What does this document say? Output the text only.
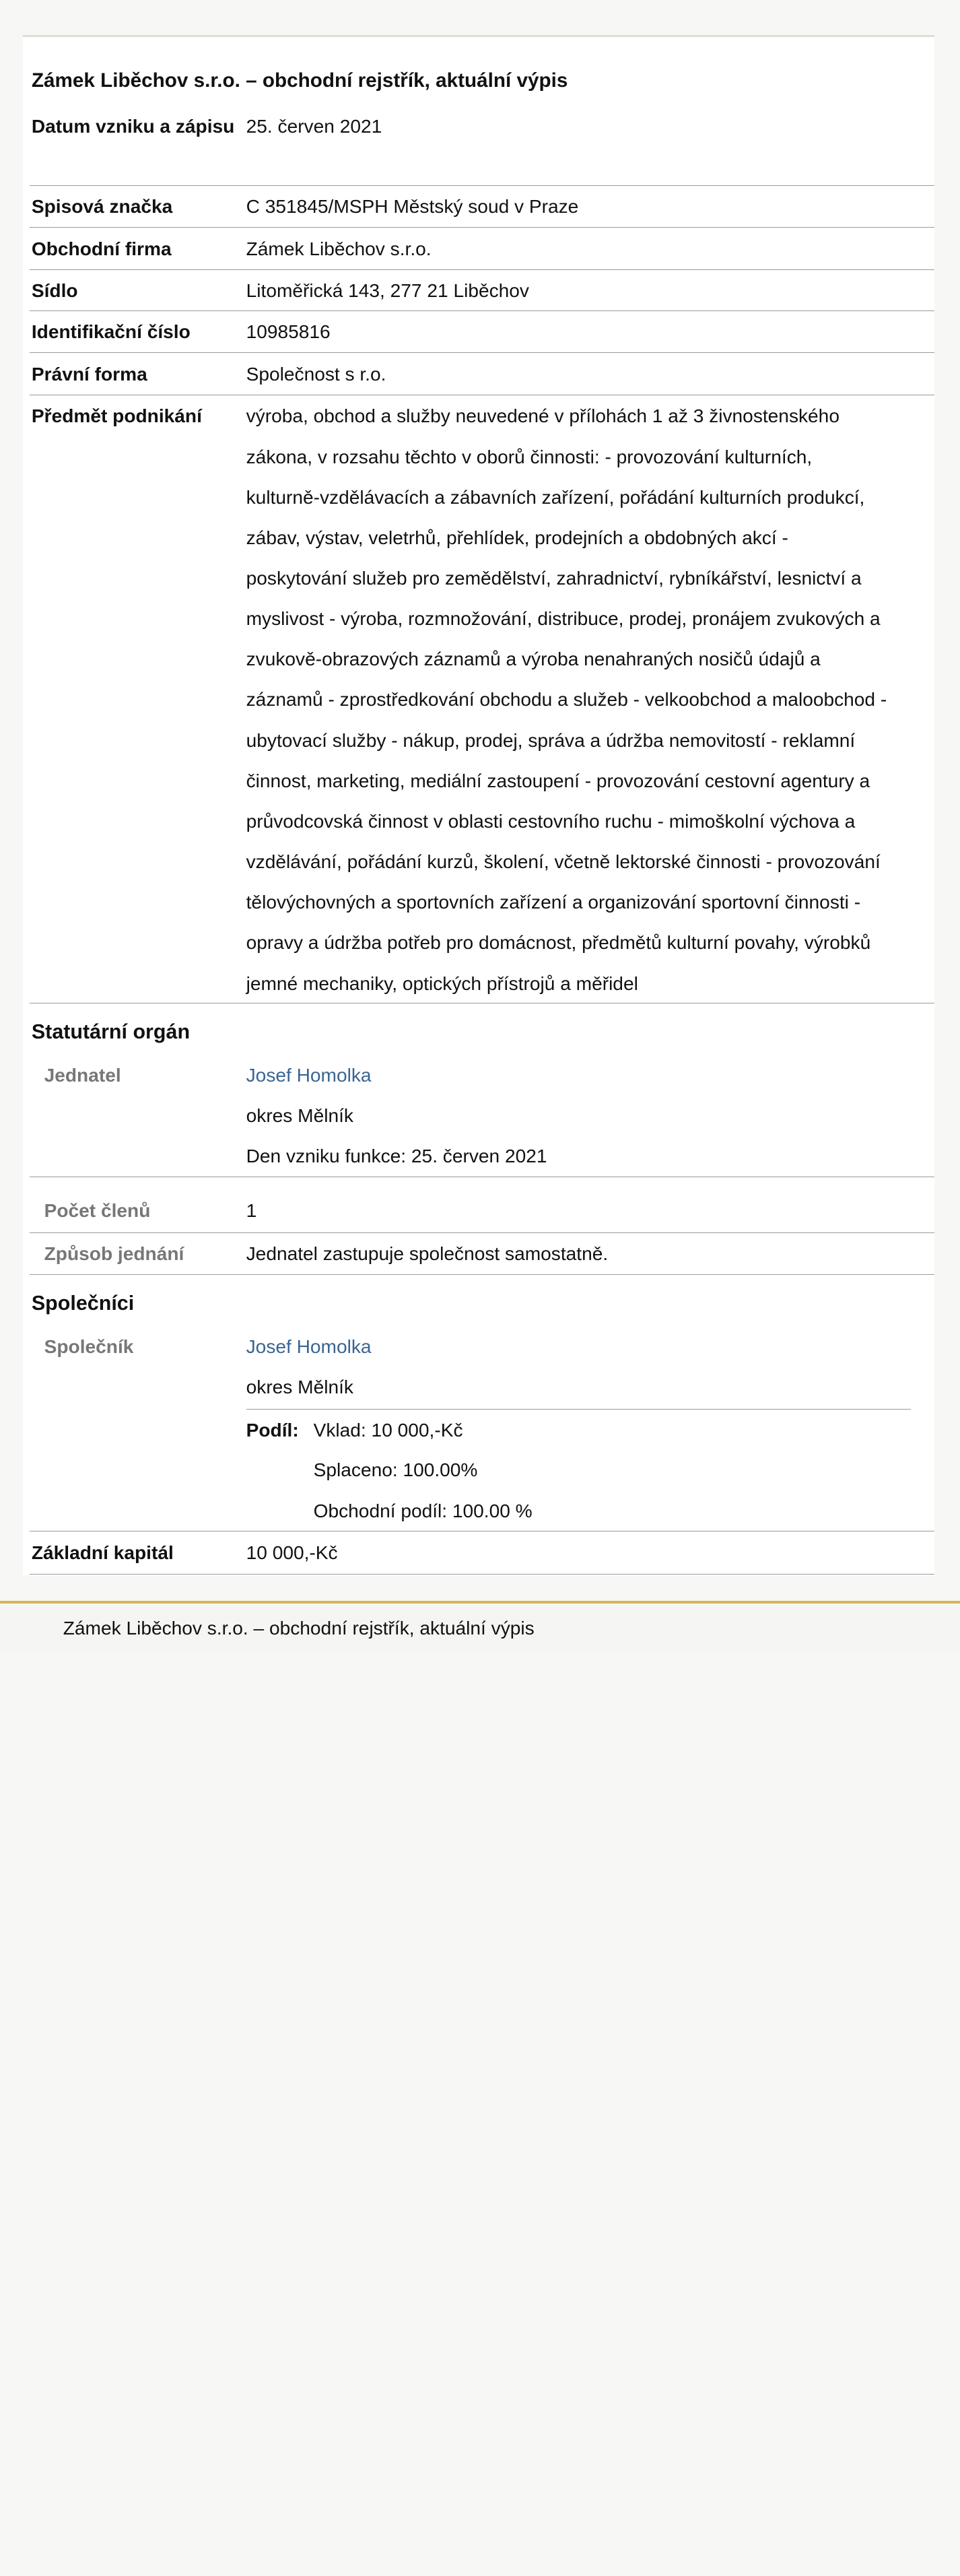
Zámek Liběchov s.r.o. – obchodní rejstřík, aktuální výpis
Datum vzniku a zápisu 25. červen 2021
Spisová značka	C 351845/MSPH Městský soud v Praze
Obchodní firma	Zámek Liběchov s.r.o.
Sídlo	Litoměřická 143, 277 21 Liběchov
Identifikační číslo	10985816
Právní forma	Společnost s r.o.
Předmět podnikání	výroba, obchod a služby neuvedené v přílohách 1 až 3 živnostenského
zákona, v rozsahu těchto v oborů činnosti: - provozování kulturních,
kulturně-vzdělávacích a zábavních zařízení, pořádání kulturních produkcí,
zábav, výstav, veletrhů, přehlídek, prodejních a obdobných akcí -
poskytování služeb pro zemědělství, zahradnictví, rybníkářství, lesnictví a
myslivost - výroba, rozmnožování, distribuce, prodej, pronájem zvukových a
zvukově-obrazových záznamů a výroba nenahraných nosičů údajů a
záznamů - zprostředkování obchodu a služeb - velkoobchod a maloobchod -
ubytovací služby - nákup, prodej, správa a údržba nemovitostí - reklamní
činnost, marketing, mediální zastoupení - provozování cestovní agentury a
průvodcovská činnost v oblasti cestovního ruchu - mimoškolní výchova a
vzdělávání, pořádání kurzů, školení, včetně lektorské činnosti - provozování
tělovýchovných a sportovních zařízení a organizování sportovní činnosti -
opravy a údržba potřeb pro domácnost, předmětů kulturní povahy, výrobků
jemné mechaniky, optických přístrojů a měřidel
Statutární orgán
Jednatel	Josef Homolka
okres Mělník
Den vzniku funkce: 25. červen 2021
Počet členů	1
Způsob jednání	Jednatel zastupuje společnost samostatně.
Společníci
Společník	Josef Homolka
okres Mělník
Podíl: Vklad: 10 000,-Kč
Splaceno: 100.00%
Obchodní podíl: 100.00 %
Základní kapitál	10 000,-Kč
Zámek Liběchov s.r.o. – obchodní rejstřík, aktuální výpis
